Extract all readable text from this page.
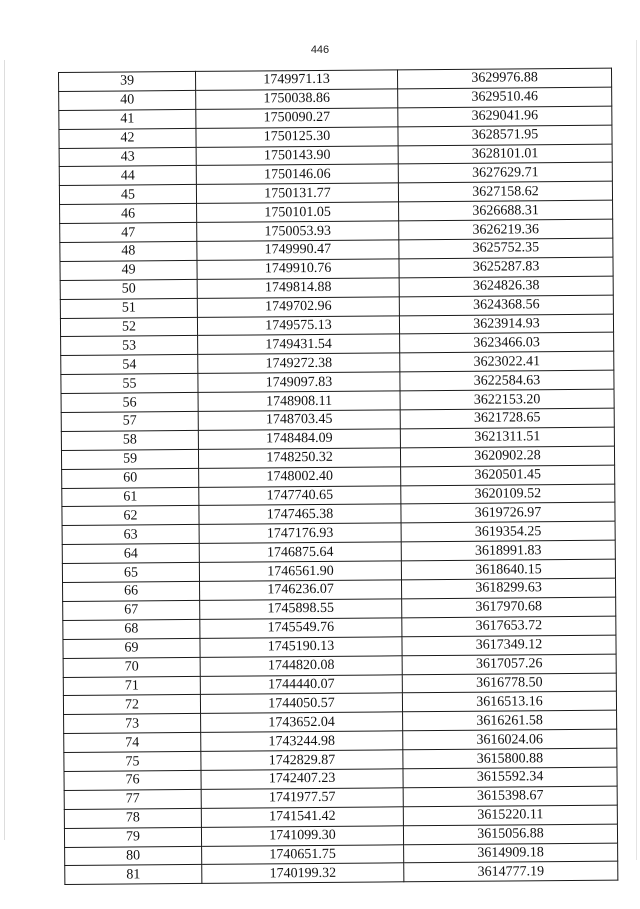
446
39	1749971.13	3629976.88
40	1750038.86	3629510.46
41	1750090.27	3629041.96
42	1750125.30	3628571.95
43	1750143.90	3628101.01
44	1750146.06	3627629.71
45	1750131.77	3627158.62
46	1750101.05	3626688.31
47	1750053.93	3626219.36
48	1749990.47	3625752.35
49	1749910.76	3625287.83
50	1749814.88	3624826.38
51	1749702.96	3624368.56
52	1749575.13	3623914.93
53	1749431.54	3623466.03
54	1749272.38	3623022.41
55	1749097.83	3622584.63
56	1748908.11	3622153.20
57	1748703.45	3621728.65
58	1748484.09	3621311.51
59	1748250.32	3620902.28
60	1748002.40	3620501.45
61	1747740.65	3620109.52
62	1747465.38	3619726.97
63	1747176.93	3619354.25
64	1746875.64	3618991.83
65	1746561.90	3618640.15
66	1746236.07	3618299.63
67	1745898.55	3617970.68
68	1745549.76	3617653.72
69	1745190.13	3617349.12
70	1744820.08	3617057.26
71	1744440.07	3616778.50
72	1744050.57	3616513.16
73	1743652.04	3616261.58
74	1743244.98	3616024.06
75	1742829.87	3615800.88
76	1742407.23	3615592.34
77	1741977.57	3615398.67
78	1741541.42	3615220.11
79	1741099.30	3615056.88
80	1740651.75	3614909.18
81	1740199.32	3614777.19
